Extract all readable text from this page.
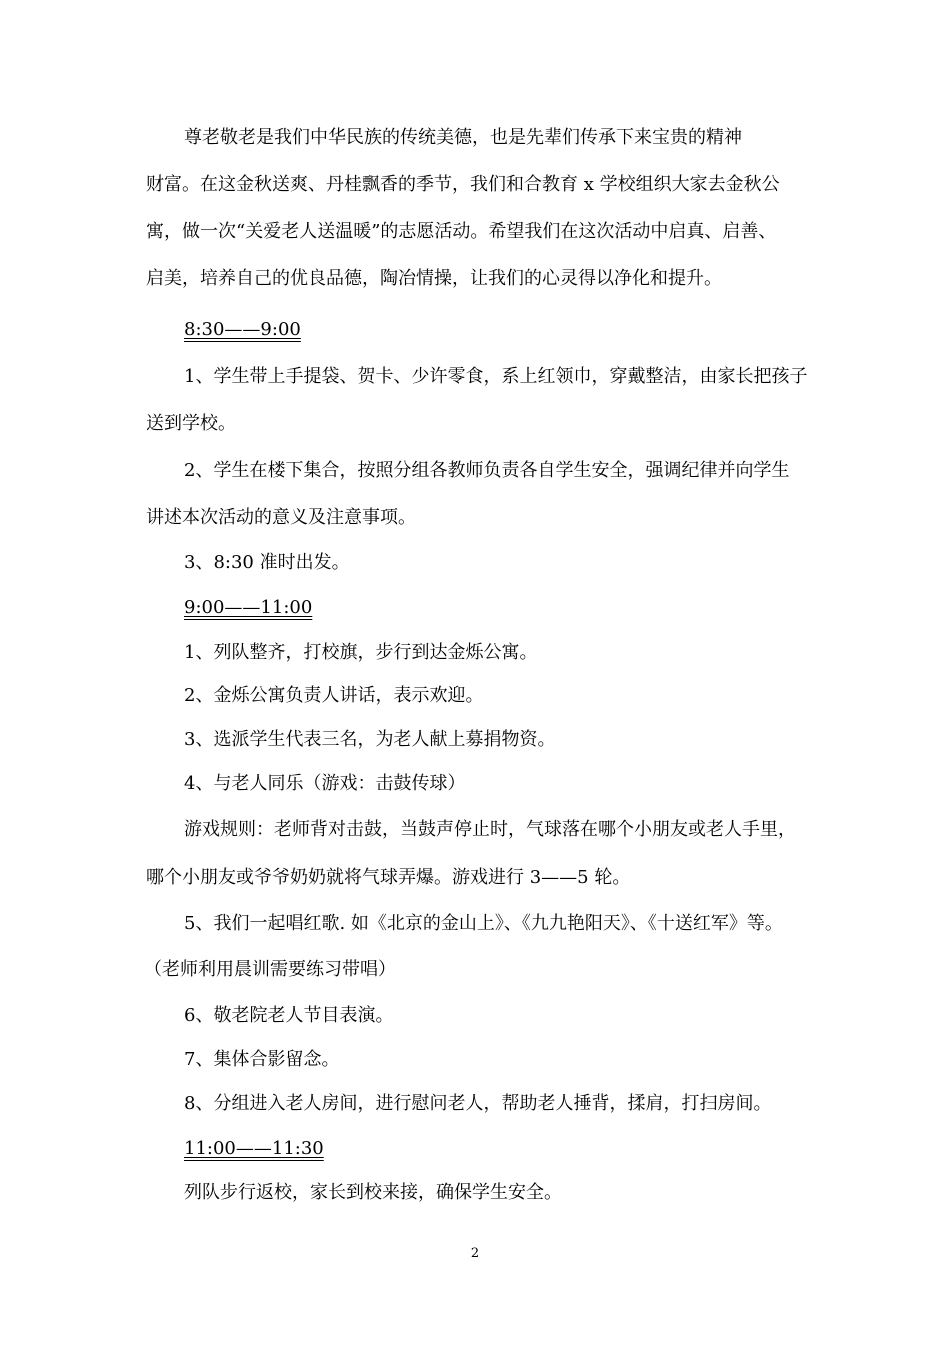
尊老敬老是我们中华民族的传统美德，也是先辈们传承下来宝贵的精神
财富。在这金秋送爽、丹桂飘香的季节，我们和合教育 x 学校组织大家去金秋公
寓，做一次“关爱老人送温暖”的志愿活动。希望我们在这次活动中启真、启善、
启美，培养自己的优良品德，陶冶情操，让我们的心灵得以净化和提升。
8:30——9:00
1、学生带上手提袋、贺卡、少许零食，系上红领巾，穿戴整洁，由家长把孩子
送到学校。
2、学生在楼下集合，按照分组各教师负责各自学生安全，强调纪律并向学生
讲述本次活动的意义及注意事项。
3、8:30 准时出发。
9:00——11:00
1、列队整齐，打校旗，步行到达金烁公寓。
2、金烁公寓负责人讲话，表示欢迎。
3、选派学生代表三名，为老人献上募捐物资。
4、与老人同乐（游戏：击鼓传球）
游戏规则：老师背对击鼓，当鼓声停止时，气球落在哪个小朋友或老人手里，
哪个小朋友或爷爷奶奶就将气球弄爆。游戏进行 3——5 轮。
5、我们一起唱红歌. 如《北京的金山上》、《九九艳阳天》、《十送红军》等。
（老师利用晨训需要练习带唱）
6、敬老院老人节目表演。
7、集体合影留念。
8、分组进入老人房间，进行慰问老人，帮助老人捶背，揉肩，打扫房间。
11:00——11:30
列队步行返校，家长到校来接，确保学生安全。
2
